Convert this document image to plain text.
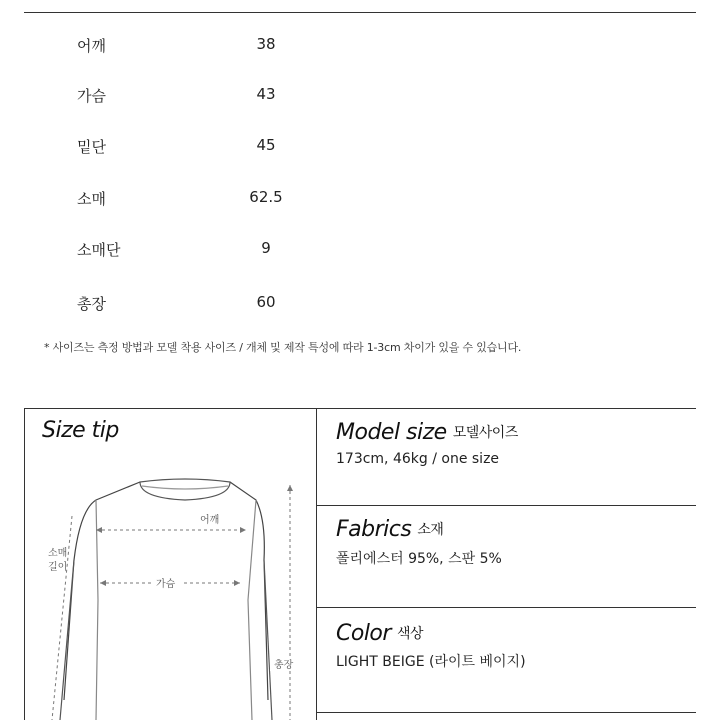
어깨	38
가슴	43
밑단	45
소매	62.5
소매단	9
총장	60
* 사이즈는 측정 방법과 모델 착용 사이즈 / 개체 및 제작 특성에 따라 1-3cm 차이가 있을 수 있습니다.
Size tip
어깨
가슴
총장
소매
길이
Model size 모델사이즈
173cm, 46kg / one size
Fabrics 소재
폴리에스터 95%, 스판 5%
Color 색상
LIGHT BEIGE (라이트 베이지)
